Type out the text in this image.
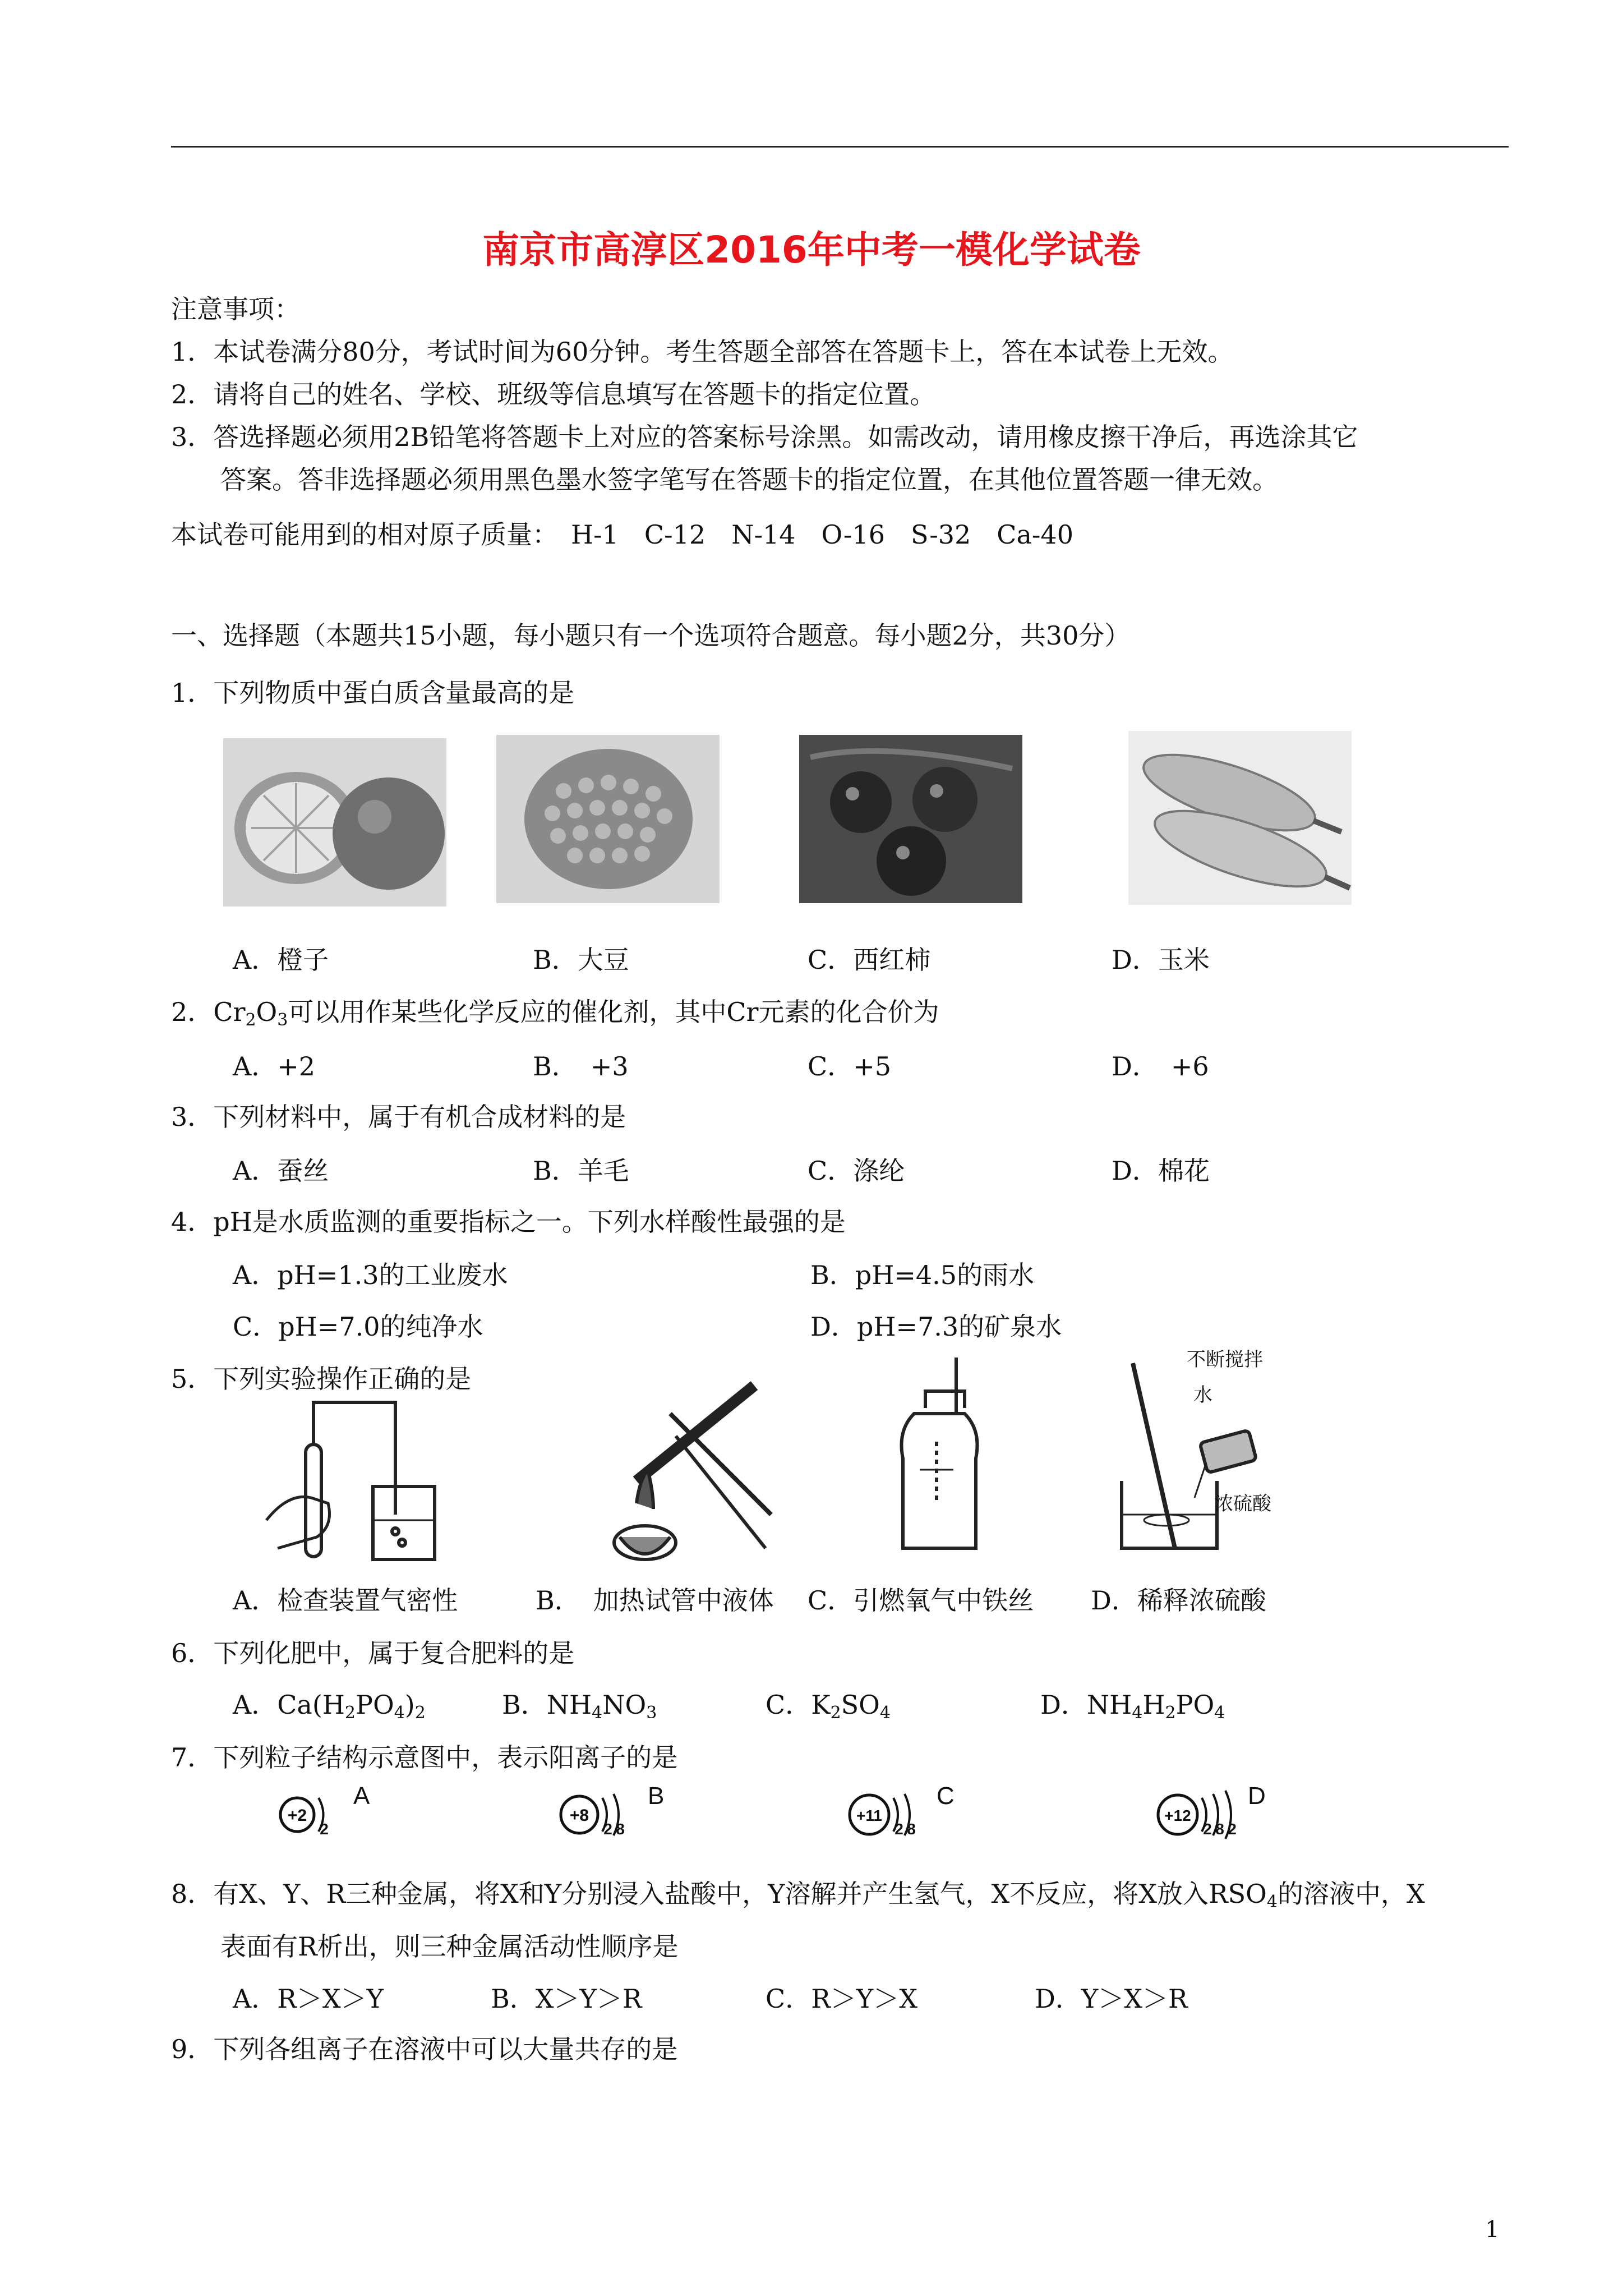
南京市高淳区2016年中考一模化学试卷
注意事项：
1．本试卷满分80分，考试时间为60分钟。考生答题全部答在答题卡上，答在本试卷上无效。
2．请将自己的姓名、学校、班级等信息填写在答题卡的指定位置。
3．答选择题必须用2B铅笔将答题卡上对应的答案标号涂黑。如需改动，请用橡皮擦干净后，再选涂其它
答案。答非选择题必须用黑色墨水签字笔写在答题卡的指定位置，在其他位置答题一律无效。
本试卷可能用到的相对原子质量：　H-1　C-12　N-14　O-16　S-32　Ca-40
一、选择题（本题共15小题，每小题只有一个选项符合题意。每小题2分，共30分）
1．下列物质中蛋白质含量最高的是
A．橙子	B．大豆	C．西红柿	D．玉米
2．$Cr_2O_3$可以用作某些化学反应的催化剂，其中Cr元素的化合价为
A．+2	B．　+3	C．+5	D．　+6
3．下列材料中，属于有机合成材料的是
A．蚕丝	B．羊毛	C．涤纶	D．棉花
4．pH是水质监测的重要指标之一。下列水样酸性最强的是
A．pH=1.3的工业废水	B．pH=4.5的雨水
C．pH=7.0的纯净水	D．pH=7.3的矿泉水
5．下列实验操作正确的是
不断搅拌
水
浓硫酸
A．检查装置气密性	B．　加热试管中液体 C．引燃氧气中铁丝 D．稀释浓硫酸
6．下列化肥中，属于复合肥料的是
A．$Ca(H_2PO_4)_2$	B．$NH_4NO_3$	C．$K_2SO_4$	D．$NH_4H_2PO_4$
7．下列粒子结构示意图中，表示阳离子的是
+2
2
A
+8
2 8
B
+11
2 8
C
+12
2 8 2
D
8．有X、Y、R三种金属，将X和Y分别浸入盐酸中，Y溶解并产生氢气，X不反应，将X放入$RSO_4$的溶液中，X
表面有R析出，则三种金属活动性顺序是
A．R＞X＞Y	B．X＞Y＞R	C．R＞Y＞X	D．Y＞X＞R
9．下列各组离子在溶液中可以大量共存的是
1
